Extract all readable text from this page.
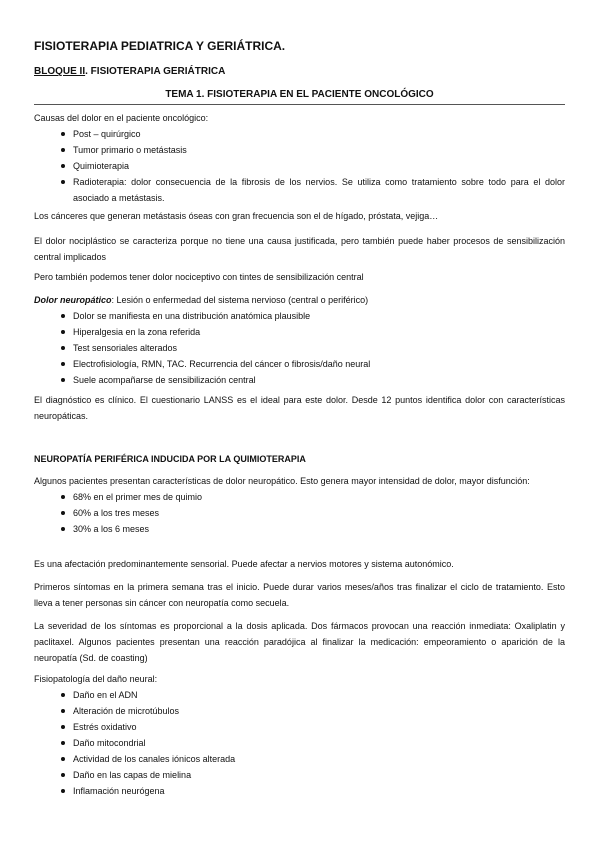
FISIOTERAPIA PEDIATRICA Y GERIÁTRICA.
BLOQUE II. FISIOTERAPIA GERIÁTRICA
TEMA 1. FISIOTERAPIA EN EL PACIENTE ONCOLÓGICO
Causas del dolor en el paciente oncológico:
Post – quirúrgico
Tumor primario o metástasis
Quimioterapia
Radioterapia: dolor consecuencia de la fibrosis de los nervios. Se utiliza como tratamiento sobre todo para el dolor asociado a metástasis.
Los cánceres que generan metástasis óseas con gran frecuencia son el de hígado, próstata, vejiga…
El dolor nociplástico se caracteriza porque no tiene una causa justificada, pero también puede haber procesos de sensibilización central implicados
Pero también podemos tener dolor nociceptivo con tintes de sensibilización central
Dolor neuropático: Lesión o enfermedad del sistema nervioso (central o periférico)
Dolor se manifiesta en una distribución anatómica plausible
Hiperalgesia en la zona referida
Test sensoriales alterados
Electrofisiología, RMN, TAC. Recurrencia del cáncer o fibrosis/daño neural
Suele acompañarse de sensibilización central
El diagnóstico es clínico. El cuestionario LANSS es el ideal para este dolor. Desde 12 puntos identifica dolor con características neuropáticas.
NEUROPATÍA PERIFÉRICA INDUCIDA POR LA QUIMIOTERAPIA
Algunos pacientes presentan características de dolor neuropático. Esto genera mayor intensidad de dolor, mayor disfunción:
68% en el primer mes de quimio
60% a los tres meses
30% a los 6 meses
Es una afectación predominantemente sensorial. Puede afectar a nervios motores y sistema autonómico.
Primeros síntomas en la primera semana tras el inicio. Puede durar varios meses/años tras finalizar el ciclo de tratamiento. Esto lleva a tener personas sin cáncer con neuropatía como secuela.
La severidad de los síntomas es proporcional a la dosis aplicada. Dos fármacos provocan una reacción inmediata: Oxaliplatin y paclitaxel. Algunos pacientes presentan una reacción paradójica al finalizar la medicación: empeoramiento o aparición de la neuropatía (Sd. de coasting)
Fisiopatología del daño neural:
Daño en el ADN
Alteración de microtúbulos
Estrés oxidativo
Daño mitocondrial
Actividad de los canales iónicos alterada
Daño en las capas de mielina
Inflamación neurógena
